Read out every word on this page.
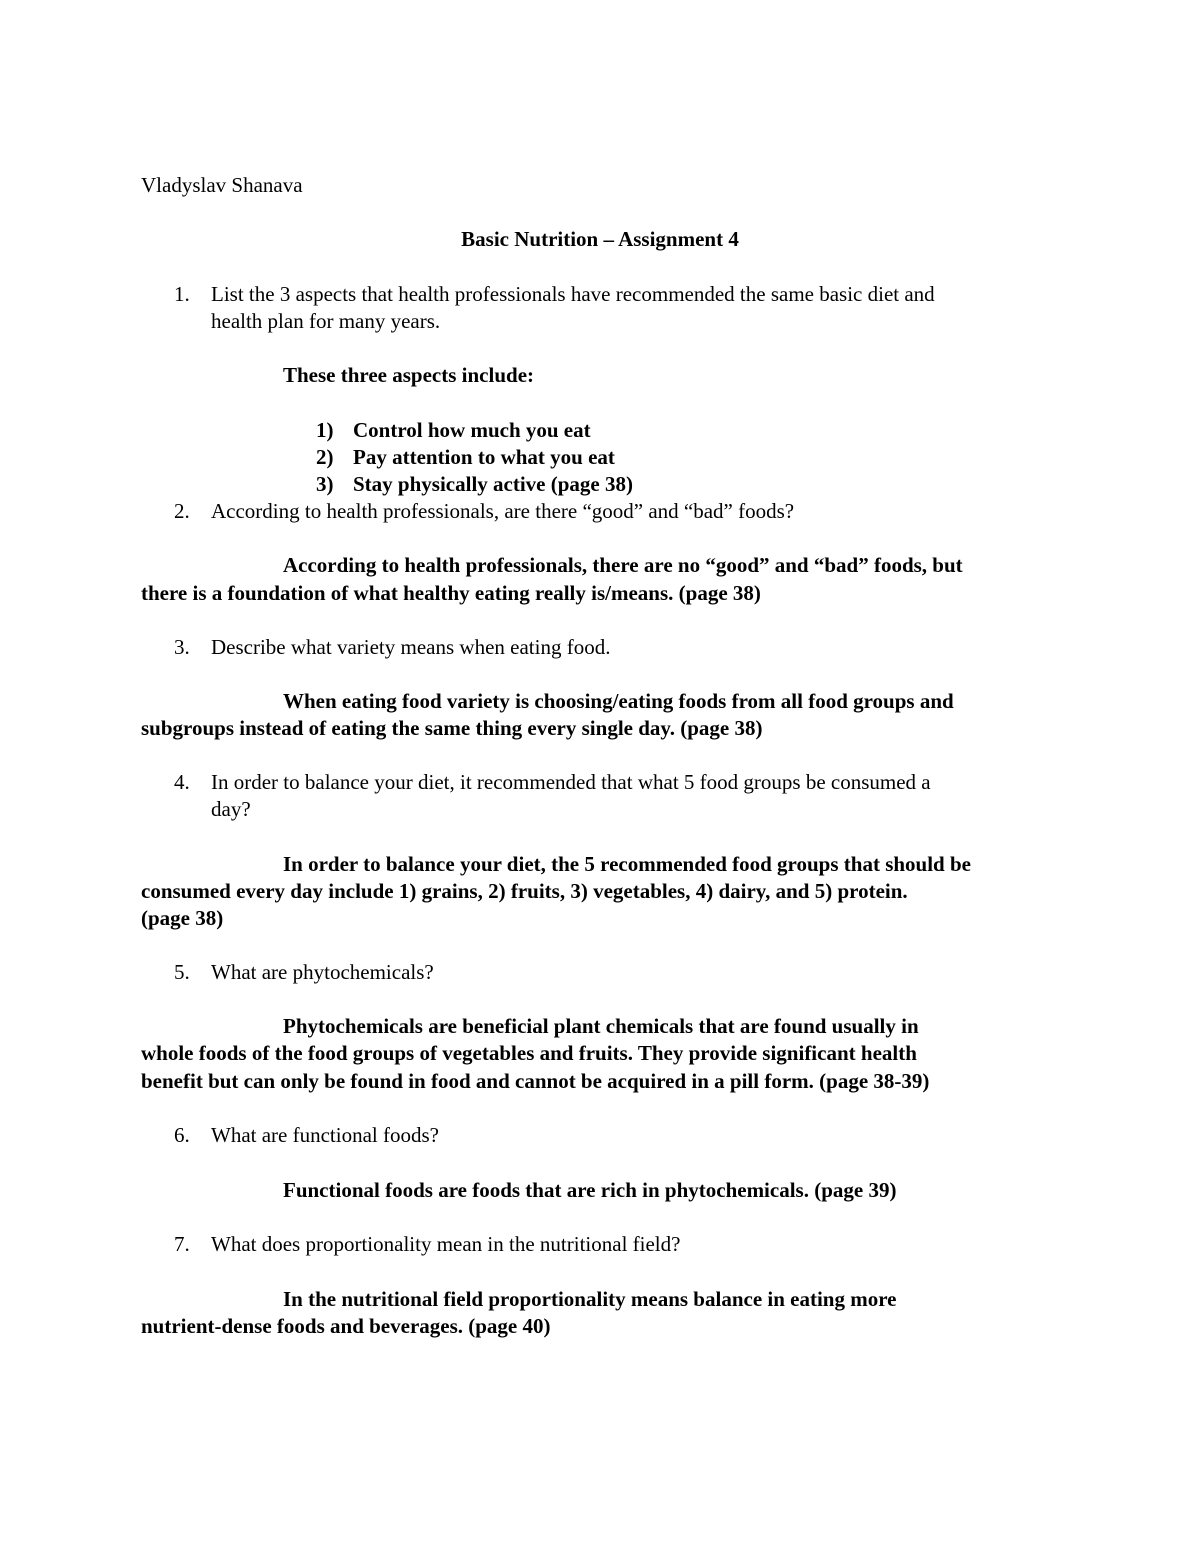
Vladyslav Shanava
Basic Nutrition – Assignment 4
1. List the 3 aspects that health professionals have recommended the same basic diet and
health plan for many years.
These three aspects include:
1) Control how much you eat
2) Pay attention to what you eat
3) Stay physically active (page 38)
2. According to health professionals, are there “good” and “bad” foods?
According to health professionals, there are no “good” and “bad” foods, but
there is a foundation of what healthy eating really is/means. (page 38)
3. Describe what variety means when eating food.
When eating food variety is choosing/eating foods from all food groups and
subgroups instead of eating the same thing every single day. (page 38)
4. In order to balance your diet, it recommended that what 5 food groups be consumed a
day?
In order to balance your diet, the 5 recommended food groups that should be
consumed every day include 1) grains, 2) fruits, 3) vegetables, 4) dairy, and 5) protein.
(page 38)
5. What are phytochemicals?
Phytochemicals are beneficial plant chemicals that are found usually in
whole foods of the food groups of vegetables and fruits. They provide significant health
benefit but can only be found in food and cannot be acquired in a pill form. (page 38-39)
6. What are functional foods?
Functional foods are foods that are rich in phytochemicals. (page 39)
7. What does proportionality mean in the nutritional field?
In the nutritional field proportionality means balance in eating more
nutrient-dense foods and beverages. (page 40)
